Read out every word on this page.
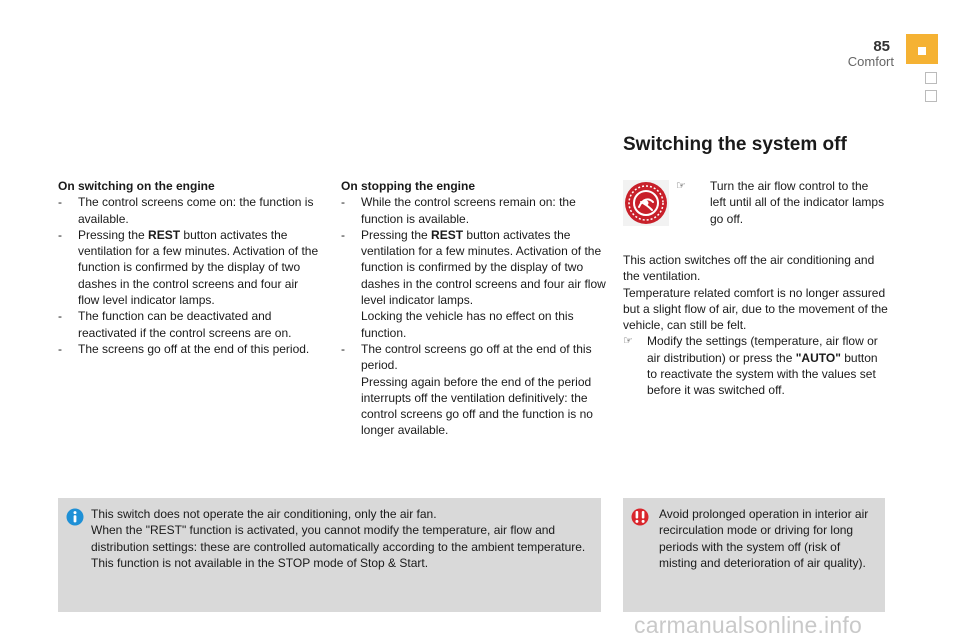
85
Comfort
On switching on the engine
- The control screens come on: the function is available.
- Pressing the REST button activates the ventilation for a few minutes. Activation of the function is confirmed by the display of two dashes in the control screens and four air flow level indicator lamps.
- The function can be deactivated and reactivated if the control screens are on.
- The screens go off at the end of this period.
On stopping the engine
- While the control screens remain on: the function is available.
- Pressing the REST button activates the ventilation for a few minutes. Activation of the function is confirmed by the display of two dashes in the control screens and four air flow level indicator lamps.
Locking the vehicle has no effect on this function.
- The control screens go off at the end of this period.
Pressing again before the end of the period interrupts off the ventilation definitively: the control screens go off and the function is no longer available.
Switching the system off
☞ Turn the air flow control to the left until all of the indicator lamps go off.
This action switches off the air conditioning and the ventilation.
Temperature related comfort is no longer assured but a slight flow of air, due to the movement of the vehicle, can still be felt.
☞ Modify the settings (temperature, air flow or air distribution) or press the "AUTO" button to reactivate the system with the values set before it was switched off.
This switch does not operate the air conditioning, only the air fan.
When the "REST" function is activated, you cannot modify the temperature, air flow and distribution settings: these are controlled automatically according to the ambient temperature.
This function is not available in the STOP mode of Stop & Start.
Avoid prolonged operation in interior air recirculation mode or driving for long periods with the system off (risk of misting and deterioration of air quality).
carmanualsonline.info
